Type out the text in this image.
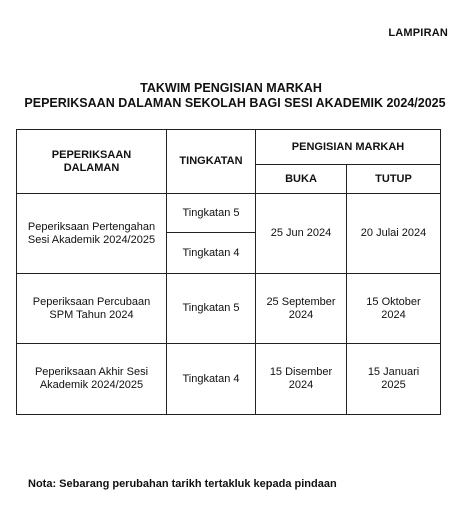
LAMPIRAN
TAKWIM PENGISIAN MARKAH
PEPERIKSAAN DALAMAN SEKOLAH BAGI SESI AKADEMIK 2024/2025
PEPERIKSAAN DALAMAN	TINGKATAN	PENGISIAN MARKAH	
		BUKA	TUTUP

Peperiksaan Pertengahan Sesi Akademik 2024/2025	Tingkatan 5	25 Jun 2024	20 Julai 2024
	Tingkatan 4		

Peperiksaan Percubaan SPM Tahun 2024	Tingkatan 5	25 September 2024	15 Oktober 2024

Peperiksaan Akhir Sesi Akademik 2024/2025	Tingkatan 4	15 Disember 2024	15 Januari 2025
Nota: Sebarang perubahan tarikh tertakluk kepada pindaan
